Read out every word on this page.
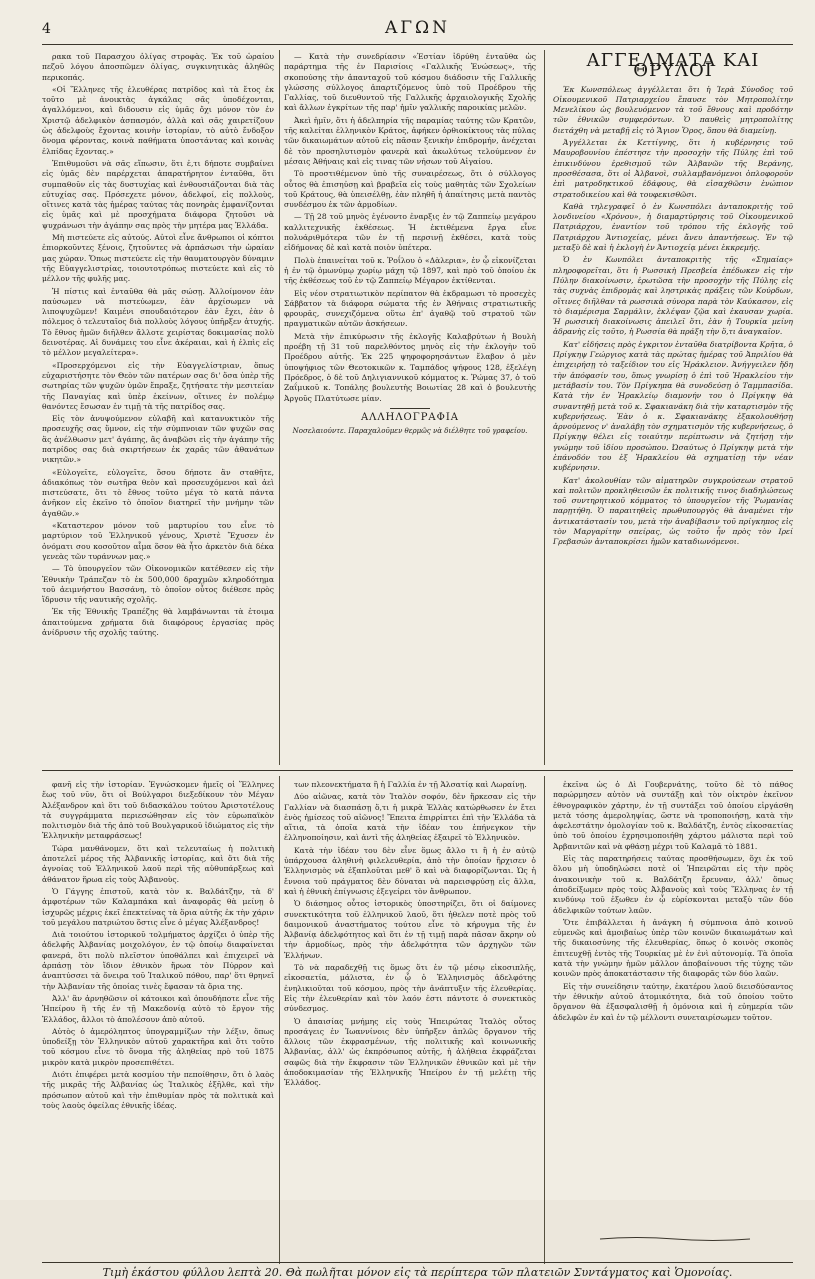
4	ΑΓΩΝ

ρακα τοῦ Παρασχου ὀλίγας στροφὰς. Ἐκ τοῦ ὡραίου πεζοῦ λόγου ἀποσπῶμεν ὀλίγας, συγκινητικὰς ἀληθῶς περικοπάς.

«Οἱ Ἕλληνες τῆς ἐλευθέρας πατρίδος καὶ τὰ ἔτος ἐκ τοῦτο μὲ ἀνοικτὰς ἀγκάλας σᾶς ὑποδέχονται, ἀγαλλόμενοι, καὶ διδουσιν εἰς ὑμᾶς ὄχι μόνον τὸν ἐν Χριστῷ ἀδελφικὸν ἀσπασμόν, ἀλλὰ καὶ σᾶς χαιρετίζουν ὡς ἀδελφοὺς ἔχοντας κοινὴν ἱστορίαν, τὸ αὐτὸ ἔνδοξον ὄνομα φέροντας, κοινὰ παθήματα ὑποστάντας καὶ κοινὰς ἐλπίδας ἔχοντας.»

Ἐπιθυμοῦσι νὰ σᾶς εἴπωσιν, ὅτι ἐ,τι δήποτε συμβαίνει εἰς ὑμᾶς δὲν παρέρχεται ἀπαρατήρητον ἐνταῦθα, ὅτι συμπαθοῦν εἰς τὰς δυστυχίας καὶ ἐνθουσιάζονται διὰ τὰς εὐτυχίας σας. Πρόσεχετε μόνον, ἀδελφοί, εἰς πολλοὺς, οἵτινες κατὰ τὰς ἡμέρας ταύτας τὰς πονηρὰς ἐμφανίζονται εἰς ὑμᾶς καὶ μὲ προσχήματα διάφορα ζητοῦσι νὰ ψυχράνωσι τὴν ἀγάπην σας πρὸς τὴν μητέρα μας Ἑλλάδα.

Μὴ πιστεύετε εἰς αὐτούς. Αὐτοὶ εἶνε ἄνθρωποι οἱ κόπτοι ἐπιορκοῦντες ξένοις, ζητοῦντες νὰ ἀρπάσωσι τὴν ὡραίαν μας χώραν. Ὅπως πιστεύετε εἰς τὴν θαυματουργὸν δύναμιν τῆς Εὐαγγελιστρίας, τοιουτοτρόπως πιστεύετε καὶ εἰς τὸ μέλλον τῆς φυλῆς μας.

Ἡ πίστις καὶ ἐνταῦθα θὰ μᾶς σώσῃ. Ἀλλοίμονον ἐὰν παύσωμεν νὰ πιστεύωμεν, ἐὰν ἀρχίσωμεν νὰ λιποψυχῶμεν! Καιμένι σπουδαιότερον ἐὰν ἔχει, ἐὰν ὁ πόλεμος ὁ τελευταῖος διὰ πολλοὺς λόγους ὑπῆρξεν ἀτυχής. Τὸ ἔθνος ἡμῶν διῆλθεν ἄλλοτε χειρίστας δοκιμασίας πολὺ δεινοτέρας. Αἱ δυνάμεις του εἶνε ἀκέραιαι, καὶ ἡ ἐλπὶς εἰς τὸ μέλλον μεγαλείτερα».

«Προσερχόμενοι εἰς τὴν Εὐαγγελίστριαν, ὅπως εὐχαριστήσητε τὸν Θεὸν τῶν πατέρων σας δι' ὅσα ὑπὲρ τῆς σωτηρίας τῶν ψυχῶν ὑμῶν ἔπραξε, ζητήσατε τὴν μεσιτείαν τῆς Παναγίας καὶ ὑπὲρ ἐκείνων, οἵτινες ἐν πολέμῳ θανόντες ἔσωσαν ἐν τιμῇ τὰ τῆς πατρίδος σας.

Εἰς τὸν ἀνυψούμενον εὐλαβῆ καὶ κατανυκτικὸν τῆς προσευχῆς σας ὕμνον, εἰς τὴν σύμπνοιαν τῶν ψυχῶν σας ἂς ἀνέλθωσιν μετ' ἀγάπης, ἂς ἀναβῶσι εἰς τὴν ἀγάπην τῆς πατρίδος σας διὰ σκιρτήσεων ἐκ χαρᾶς τῶν ἀθανάτων νικητῶν.»

«Εὐλογεῖτε, εὐλογεῖτε, ὅσου δήποτε ἂν σταθῆτε, ἀδιακόπως τὸν σωτῆρα θεὸν καὶ προσευχόμενοι καὶ ἀεὶ πιστεύσατε, ὅτι τὸ ἔθνος τοῦτο μέγα τὸ κατὰ πάντα ἀνῆκον εἰς ἐκεῖνο τὸ ὁποῖον διατηρεῖ τὴν μνήμην τῶν ἀγαθῶν.»

«Καταστερον μόνον τοῦ μαρτυρίου του εἶνε τὸ μαρτύριον τοῦ Ἑλληνικοῦ γένους, Χριστὲ Ἔχυσεν ἐν ὀνόματι σου κοσοῦτον αἷμα ὅσον θὰ ἦτο ἀρκετὸν διὰ δέκα γενεὰς τῶν τυράννων μας.»

— Τὸ ὑπουργεῖον τῶν Οἰκονομικῶν κατέθεσεν εἰς τὴν Ἐθνικὴν Τράπεζαν τὸ ἐκ 500,000 δραχμῶν κληροδότημα τοῦ ἀειμνήστου Βασσάνη, τὸ ὁποῖον οὗτος διέθεσε πρὸς ἵδρυσιν τῆς ναυτικῆς σχολῆς.

Ἐκ τῆς Ἐθνικῆς Τραπέζης θὰ λαμβάνωνται τὰ ἐτοιμα ἀπαιτούμενα χρήματα διὰ διαφόρους ἐργασίας πρὸς ἀνίδρυσιν τῆς σχολῆς ταύτης.

— Κατὰ τὴν συνεδρίασιν «Ἑστίαν ἰδρύθη ἐνταῦθα ὡς παράρτημα τῆς ἐν Παρισίοις «Γαλλικῆς Ἑνώσεως», τῆς σκοπούσης τὴν ἀπανταχοῦ τοῦ κόσμου διάδοσιν τῆς Γαλλικῆς γλώσσης σύλλογος ἀπαρτιζόμενος ὑπὸ τοῦ Προέδρου τῆς Γαλλίας, τοῦ διευθυντοῦ τῆς Γαλλικῆς ἀρχαιολογικῆς Σχολῆς καὶ ἄλλων ἐγκρίτων τῆς παρ' ἡμῖν γαλλικῆς παροικίας μελῶν.

Ἀκεὶ ἡμῖν, ὅτι ἡ ἀδελπηρία τῆς παραμίας ταύτης τῶν Κρατῶν, τῆς καλείται ἑλληνικὸν Κράτος, ἀφήκεν ὁρθιοκίκτους τὰς πύλας τῶν δικαιωμάτων αὐτοῦ εἰς πᾶσαν ξενικὴν ἐπιδρομήν, ἀνέχεται δὲ τὸν προσηλυτισμὸν φανερὰ καὶ ἀκωλύτως τελούμενον ἐν μέσαις Ἀθήναις καὶ εἰς τινας τῶν νήσων τοῦ Αἰγαίου.

Τὸ προστιθέμενον ὑπὸ τῆς συναιρέσεως, ὅτι ὁ σύλλογος οὗτος θὰ ἐπισηὐσῃ καὶ βραβεῖα εἰς τοὺς μαθητὰς τῶν Σχολείων τοῦ Κράτους, θὰ ὑπεισέλθῃ, ἐὰν πληθῆ ἡ ἀπαίτησις μετὰ παντὸς συνδέσμου ἐκ τῶν ἀρμοδίων.

— Τῇ 28 τοῦ μηνὸς ἐγένοντο ἐναρξις ἐν τῷ Ζαππείῳ μεγάρου καλλιτεχνικῆς ἐκθέσεως. Ἡ ἐκτιθέμενα ἔργα εἶνε πολυάριθμότερα τῶν ἐν τῇ περσινῇ ἐκθέσει, κατὰ τοὺς εἰδήμονας δὲ καὶ κατὰ ποιὸν ὑπέτερα.

Πολὺ ἐπαινείται τοῦ κ. Ῥοΐλου ὁ «Δὰλερια», ἐν ᾧ εἰκονίζεται ἡ ἐν τῷ ὁμωνύμῳ χωρίῳ μάχη τῷ 1897, καὶ πρὸ τοῦ ὁποίου ἐκ τῆς ἐκθέσεως τοῦ ἐν τῷ Ζαππείῳ Μέγαρον ἐκτίθενται.

Εἰς νέον στρατιωτικὸν περίπατον θὰ ἐκδραμωσι τὸ προσεχὲς Σάββατον τὰ διάφορα σώματα τῆς ἐν Ἀθήναις στρατιωτικῆς φρουρᾶς, συνεχιζόμενα οὕτω ἐπ' ἀγαθῷ τοῦ στρατοῦ τῶν πραγματικῶν αὐτῶν ἀσκήσεων.

Μετὰ τὴν ἐπικύρωσιν τῆς ἐκλογῆς Καλαβρύτων ἡ Βουλὴ προέβη τῇ 31 τοῦ παρελθόντος μηνὸς εἰς τὴν ἐκλογὴν τοῦ Προέδρου αὐτῆς. Ἐκ 225 ψηφοφορησάντων ἔλαβον ὁ μὲν ὑποψήφιος τῶν Θεοτοκικῶν κ. Ταμπάδος ψήφους 128, ἐξελέγη Πρόεδρος, ὁ δὲ τοῦ Δηλιγιαννικοῦ κόμματος κ. Ῥώμας 37, ὁ τοῦ Ζαΐμικοῦ κ. Τοπάλης βουλευτὴς Βοιωτίας 28 καὶ ὁ βουλευτὴς Ἀργοῦς Πλατύτωσε μίαν.

ΑΛΛΗΛΟΓΡΑΦΙΑ
Νοσελαιούντε. Παραχαλοῦμεν θερμῶς νὰ διέλθητε τοῦ γραφείου.
ΑΓΓΕΛΜΑΤΑ ΚΑΙ ΘΡΥΛΟΙ

Ἐκ Κωνσπόλεως ἀγγέλλεται ὅτι ἡ Ἱερὰ Σύνοδος τοῦ Οἰκουμενικοῦ Πατριαρχείου ἔπαυσε τὸν Μητροπολίτην Μενελίκου ὡς βουλευόμενον τὰ τοῦ ἔθνους καὶ προδότην τῶν ἐθνικῶν συμφερόντων. Ὁ παυθεὶς μητροπολίτης διετάχθη νὰ μεταβῇ εἰς τὸ Ἅγιον Ὄρος, ὅπου θὰ διαμείνῃ.

Ἀγγέλλεται ἐκ Κεττίγνης, ὅτι ἡ κυβέρνησις τοῦ Μαυροβουνίου ἐπέστησε τὴν προσοχὴν τῆς Πύλης ἐπὶ τοῦ ἐπικινδύνου ἐρεθισμοῦ τῶν Ἀλβανῶν τῆς Βεράνης, προσθέσασα, ὅτι οἱ Ἀλβανοὶ, συλλαμβανόμενοι ὁπλοφοροῦν ἐπὶ ματροδηκτικοῦ ἐδάφους, θὰ εἰσαχθῶσιν ἐνώπιον στρατοδικείου καὶ θὰ τουφεκισθῶσι.

Καθὰ τηλεγραφεῖ ὁ ἐν Κωνσπόλει ἀνταποκριτὴς τοῦ λονδινείου «Χρόνου», ἡ διαμαρτύρησις τοῦ Οἰκουμενικοῦ Πατριάρχου, ἐναντίον τοῦ τρόπου τῆς ἐκλογῆς τοῦ Πατριάρχου Ἀντιοχείας, μένει ἄνευ ἀπαντήσεως. Ἐν τῷ μεταξὺ δὲ καὶ ἡ ἐκλογὴ ἐν Ἀντιοχείᾳ μένει ἐκκρεμής.

Ὁ ἐν Κωνπόλει ἀνταποκριτὴς τῆς «Σημαίας» πληροφορεῖται, ὅτι ἡ Ρωσσικὴ Πρεσβεία ἐπέδωκεν εἰς τὴν Πύλην διακοίνωσιν, ἐρωτῶσα τὴν προσοχὴν τῆς Πύλης εἰς τὰς συχνὰς ἐπιδρομὰς καὶ ληστρικὰς πράξεις τῶν Κούρδων, οἵτινες διῆλθαν τὰ ρωσσικὰ σύνορα παρὰ τὸν Καύκασον, εἰς τὸ διαμέρισμα Σαρμάλιν, ἐκλέψαν ζῷα καὶ ἐκαυσαν χωρία. Ἡ ρωσσικὴ διακοίνωσις ἀπειλεῖ ὅτι, ἐὰν ἡ Τουρκία μείνη ἀδρανὴς εἰς τοῦτο, ἡ Ρωσσία θὰ πράξη τὴν ὅ,τι ἀναγκαῖον.

Κατ' εἰδήσεις πρὸς ἐγκριτον ἐνταῦθα διατρίβοντα Κρῆτα, ὁ Πρίγκηψ Γεώργιος κατὰ τὰς πρώτας ἡμέρας τοῦ Ἀπριλίου θὰ ἐπιχειρήσῃ τὸ ταξείδιον του εἰς Ἡράκλειον. Ἀνήγγειλεν ἤδη τὴν ἀπόφασίν του, ὅπως γνωρίσῃ ὁ ἐπὶ τοῦ Ἡρακλείου τὴν μετάβασίν του. Τὸν Πρίγκηπα θὰ συνοδεύσῃ ὁ Ταμμπασίδα. Κατὰ τὴν ἐν Ἡρακλείῳ διαμονήν του ὁ Πρίγκηψ θὰ συναντηθῇ μετὰ τοῦ κ. Σφακιανάκη διὰ τὴν καταρτισμὸν τῆς κυβερνήσεως. Ἐὰν ὁ κ. Σφακιανάκης ἐξακολουθήσῃ ἀρνούμενος ν' ἀναλάβῃ τὸν σχηματισμὸν τῆς κυβερνήσεως, ὁ Πρίγκηψ θέλει εἰς τοιαύτην περίπτωσιν νὰ ζητήσῃ τὴν γνώμην τοῦ ἰδίου προσώπου. Ὠσαύτως ὁ Πρίγκηψ μετὰ τὴν ἐπάνοδόν του ἐξ Ἡρακλείου θὰ σχηματίσῃ τὴν νέαν κυβέρνησιν.

Κατ' ἀκολουθίαν τῶν αἱματηρῶν συγκρούσεων στρατοῦ καὶ πολιτῶν προκληθεισῶν ἐκ πολιτικῆς τινος διαδηλώσεως τοῦ συντηρητικοῦ κόμματος τὸ ὑπουργεῖον τῆς Ῥωμανίας παρῃτήθη. Ὁ παραιτηθεὶς πρωθυπουργὸς θὰ ἀναμένει τὴν ἀντικατάστασίν του, μετὰ τὴν ἀναβίβασιν τοῦ πρίγκηπος εἰς τὸν Μαργαρίτην σπείρας, ὡς τοῦτο ἦν πρὸς τὸν Ιρεί Γρεβασών ἀνταποκρίσει ἡμῶν καταδιωνόμενοι.

φανῆ εἰς τὴν ἱστορίαν. Ἐγνώσκομεν ἡμεῖς οἱ Ἕλληνες ἕως τοῦ νῦν, ὅτι οἱ Βούλγαροι διεξεδίκουν τὸν Μέγαν Ἀλέξανδρον καὶ ὅτι τοῦ διδασκάλου τούτου Ἀριστοτέλους τὰ συγγράμματα περιεσώθησαν εἰς τὸν εὐρωπαϊκὸν πολιτισμὸν διὰ τῆς ἀπὸ τοῦ Βουλγαρικοῦ ἰδιώματος εἰς τὴν Ἑλληνικὴν μεταφράσεως!

Τώρα μανθάνομεν, ὅτι καὶ τελευταίως ἡ πολιτικὴ ἀποτελεῖ μέρος τῆς Ἀλβανικῆς ἱστορίας, καὶ ὅτι διὰ τῆς ἀγνοίας τοῦ Ἑλληνικοῦ λαοῦ περὶ τῆς αὐθυπάρξεως καὶ ἀθάνατον ἥρωα εἰς τοὺς Ἀλβανοὺς.

Ὁ Γάγγης ἐπιστοῦ, κατὰ τὸν κ. Βαλδάτζην, τὰ δ' ἀμφοτέρων τῶν Καλαμπάκα καὶ ἀναφορᾶς θὰ μείνῃ ὁ ἰσχυρῶς μέχρις ἐκεῖ ἐπεκτείνας τὰ ὅρια αὐτῆς ἐκ τὴν χάριν τοῦ μεγάλου πατριώτου ὅστις εἶνε ὁ μέγας Ἀλέξανδρος!

Διὰ τοιούτου ἱστορικοῦ τολμήματος ἀρχίζει ὁ ὑπὲρ τῆς ἀδελφῆς Ἀλβανίας μοιχολόγον, ἐν τῷ ὁποίῳ διαφαίνεται φανερά, ὅτι πολὺ πλεῖστον ὑποθάλπει καὶ ἐπιχειρεῖ νὰ ἀρπάσῃ τὸν ἴδιον ἐθνικὸν ἥρωα τὸν Πύρρον καὶ ἀναπτύσσει τὰ ὄνειρα τοῦ Ἰταλικοῦ πόθου, παρ' ὅτι θρηνεῖ τὴν Ἀλβανίαν τῆς ὁποίας τινὲς ἔφασαν τὰ ὅρια της.

Ἀλλ' ἂν ἀρνηθῶσιν οἱ κάτοικοι καὶ ὁπουδήποτε εἶνε τῆς Ἠπείρου ἢ τῆς ἐν τῇ Μακεδονίᾳ αὐτὸ τὸ ἔργον τῆς Ἑλλάδος, ἄλλοι τὸ ἀπολέσουν ἀπὸ αὐτοῦ.

Αὐτὸς ὁ ἀμερόληπτος ὑπογραμμίζων τὴν λέξιν, ὅπως ὑποδείξῃ τὸν Ἑλληνικὸν αὐτοῦ χαρακτῆρα καὶ ὅτι τοῦτο τοῦ κόσμου εἶνε τὸ ὄνομα τῆς ἀληθείας πρὸ τοῦ 1875 μικρὸν κατὰ μικρὸν προσεπιθέτει.

Διότι ἐπιφέρει μετὰ κοσμίου τὴν πεποίθησιν, ὅτι ὁ λαὸς τῆς μικρᾶς τῆς Ἀλβανίας ὡς Ἰταλικὸς ἐξῆλθε, καὶ τὴν πρόσωπον αὐτοῦ καὶ τὴν ἐπιθυμίαν πρὸς τὰ πολιτικὰ καὶ τοὺς λαοὺς ὀφείλας ἐθνικῆς ἰδέας.

των πλεονεκτήματα ἢ ἡ Γαλλία ἐν τῇ Ἀλσατίᾳ καὶ Λωραίνῃ.

Δύο αἰῶνας, κατὰ τὸν Ἰταλὸν σοφόν, δὲν ἤρκεσαν εἰς τὴν Γαλλίαν νὰ διασπάσῃ ὅ,τι ἡ μικρὰ Ἑλλὰς κατώρθωσεν ἐν ἔτει ἑνὸς ἡμίσεος τοῦ αἰῶνος! Ἔπειτα ἐπιρρίπτει ἐπὶ τὴν Ἑλλάδα τὰ αἴτια, τὰ ὁποῖα κατὰ τὴν ἰδέαν του ἐπήνεγκον τὴν ἐλληνοποίησιν, καὶ ἀντὶ τῆς ἀληθείας ἐξαιρεῖ τὸ Ἑλληνικὸν.

Κατὰ τὴν ἰδέαν του δὲν εἶνε ὅμως ἄλλο τι ἢ ἡ ἐν αὐτῷ ὑπάρχουσα ἀληθινὴ φιλελευθερία, ἀπὸ τὴν ὁποίαν ἤρχισεν ὁ Ἑλληνισμὸς νὰ ἐξαπλοῦται μεθ' ὃ καὶ νὰ διαφορίζωνται. Ὡς ἡ ἔννοια τοῦ πράγματος δὲν δύναται νὰ παρεισφρύσῃ εἰς ἄλλα, καὶ ἡ ἐθνικὴ ἐπίγνωσις ἐξεγείρει τὸν ἄνθρωπον.

Ὁ διάσημος οὗτος ἱστορικὸς ὑποστηρίζει, ὅτι οἱ δαίμονες συνεκτικότητα τοῦ ἑλληνικοῦ λαοῦ, ὅτι ἡθελεν ποτὲ πρὸς τοῦ δαιμονικοῦ ἀναστήματος τούτου εἶνε τὸ κήρυγμα τῆς ἐν Ἀλβανίᾳ ἀδελφότητος καὶ ὅτι ἐν τῇ τιμῇ παρὰ πᾶσαν ἄκρην οὐ τὴν ἀρμοδίως, πρὸς τὴν ἀδελφότητα τῶν ἀρχηγῶν τῶν Ἑλλήνων.

Τὸ νὰ παραδεχθῇ τις ὅμως ὅτι ἐν τῷ μέσῳ εἰκοσιπλῆς, εἰκοσαετία, μάλιστα, ἐν ᾧ ὁ Ἑλληνισμὸς ἀδελφότης ἐνηλικιοῦται τοῦ κόσμου, πρὸς τὴν ἀνάπτυξιν τῆς ἐλευθερίας. Εἰς τὴν ἐλευθερίαν καὶ τὸν λαόν ἐστι πάντοτε ὁ συνεκτικὸς σύνδεσμος.

Ὁ ἀπαισίας μνήμης εἰς τοὺς Ἠπειρώτας Ἰταλὸς οὗτος προσάγεις ἐν Ἰωαννίνοις δὲν ὑπῆρξεν ἁπλῶς ὄργανον τῆς ἄλλοις τῶν ἐκφρασμένων, τῆς πολιτικῆς καὶ κοινωνικῆς Ἀλβανίας, ἀλλ' ὡς ἐκπρόσωπος αὐτῆς, ἡ ἀλήθεια ἐκφράζεται σαφῶς διὰ τὴν ἔκφρασιν τῶν Ἑλληνικῶν ἐθνικῶν καὶ μὲ τὴν ἀποδοκιμασίαν τῆς Ἑλληνικῆς Ἠπείρου ἐν τῇ μελέτῃ τῆς Ἑλλάδος.

ἐκεῖνα ὡς ὁ Δὶ Γουβερνάτης, τοῦτο δὲ τὸ πάθος παρώρμησεν αὐτὸν νὰ συντάξῃ καὶ τὸν οἰκτρὸν ἐκεῖνον ἐθνογραφικὸν χάρτην, ἐν τῇ συντάξει τοῦ ὁποίου εἰργάσθη μετὰ τόσης ἀμεροληψίας, ὥστε νὰ τροποποιήσῃ, κατὰ τὴν ἀφελεστάτην ὁμολογίαν τοῦ κ. Βαλδάτζη, ἐντὸς εἰκοσαετίας ὑπὸ τοῦ ὁποίου ἐχρησιμοποιήθη χάρτου μάλιστα περὶ τοῦ Ἀρβανιτῶν καὶ νὰ φθάσῃ μέχρι τοῦ Καλαμᾶ τὸ 1881.

Εἰς τὰς παρατηρήσεις ταύτας προσθήσωμεν, ὅχι ἐκ τοῦ ὅλου μὴ ὑποδηλώσει ποτὲ οἱ Ἠπειρῶται εἰς τὴν πρὸς ἀνακοινικὴν τοῦ κ. Βαλδάτζη ἔρευναν, ἀλλ' ὅπως ἀποδείξωμεν πρὸς τοὺς Ἀλβανοὺς καὶ τοὺς Ἕλληνας ἐν τῇ κινδύνῳ τοῦ ἐξωθεν ἐν ᾧ εὑρίσκονται μεταξὺ τῶν δύο ἀδελφικῶν τούτων λαῶν.

Ὅτε ἐπιβάλλεται ἡ ἀνάγκη ἡ σύμπνοια ἀπὸ κοινοῦ εὐμενῶς καὶ ἀμοιβαίως ὑπὲρ τῶν κοινῶν δικαιωμάτων καὶ τῆς δικαιοσύνης τῆς ἐλευθερίας, ὅπως ὁ κοινὸς σκοπὸς ἐπιτευχθῇ ἐντὸς τῆς Τουρκίας μὲ ἐν ἑνὶ αὐτονομίᾳ. Τὰ ὁποῖα κατὰ τὴν γνώμην ἡμῶν μᾶλλον ἀποβαίνουσι τῆς τύχης τῶν κοινῶν πρὸς ἀποκατάστασιν τῆς διαφορᾶς τῶν δύο λαῶν.

Εἰς τὴν συνείδησιν ταύτην, ἑκατέρου λαοῦ διεισδύσαντος τὴν ἐθνικὴν αὐτοῦ ἀτομικότητα, διὰ τοῦ ὁποίου τοῦτο ὄργανον θὰ ἐξασφαλισθῇ ἡ ὁμόνοια καὶ ἡ εὐημερία τῶν ἀδελφῶν ἐν καὶ ἐν τῷ μέλλοντι συνεταιρίσωμεν τοῦτον.

Τιμὴ ἑκάστου φύλλου λεπτὰ 20. Θὰ πωλῆται μόνον εἰς τὰ περίπτερα τῶν πλατειῶν Συντάγματος καὶ Ὁμονοίας.
